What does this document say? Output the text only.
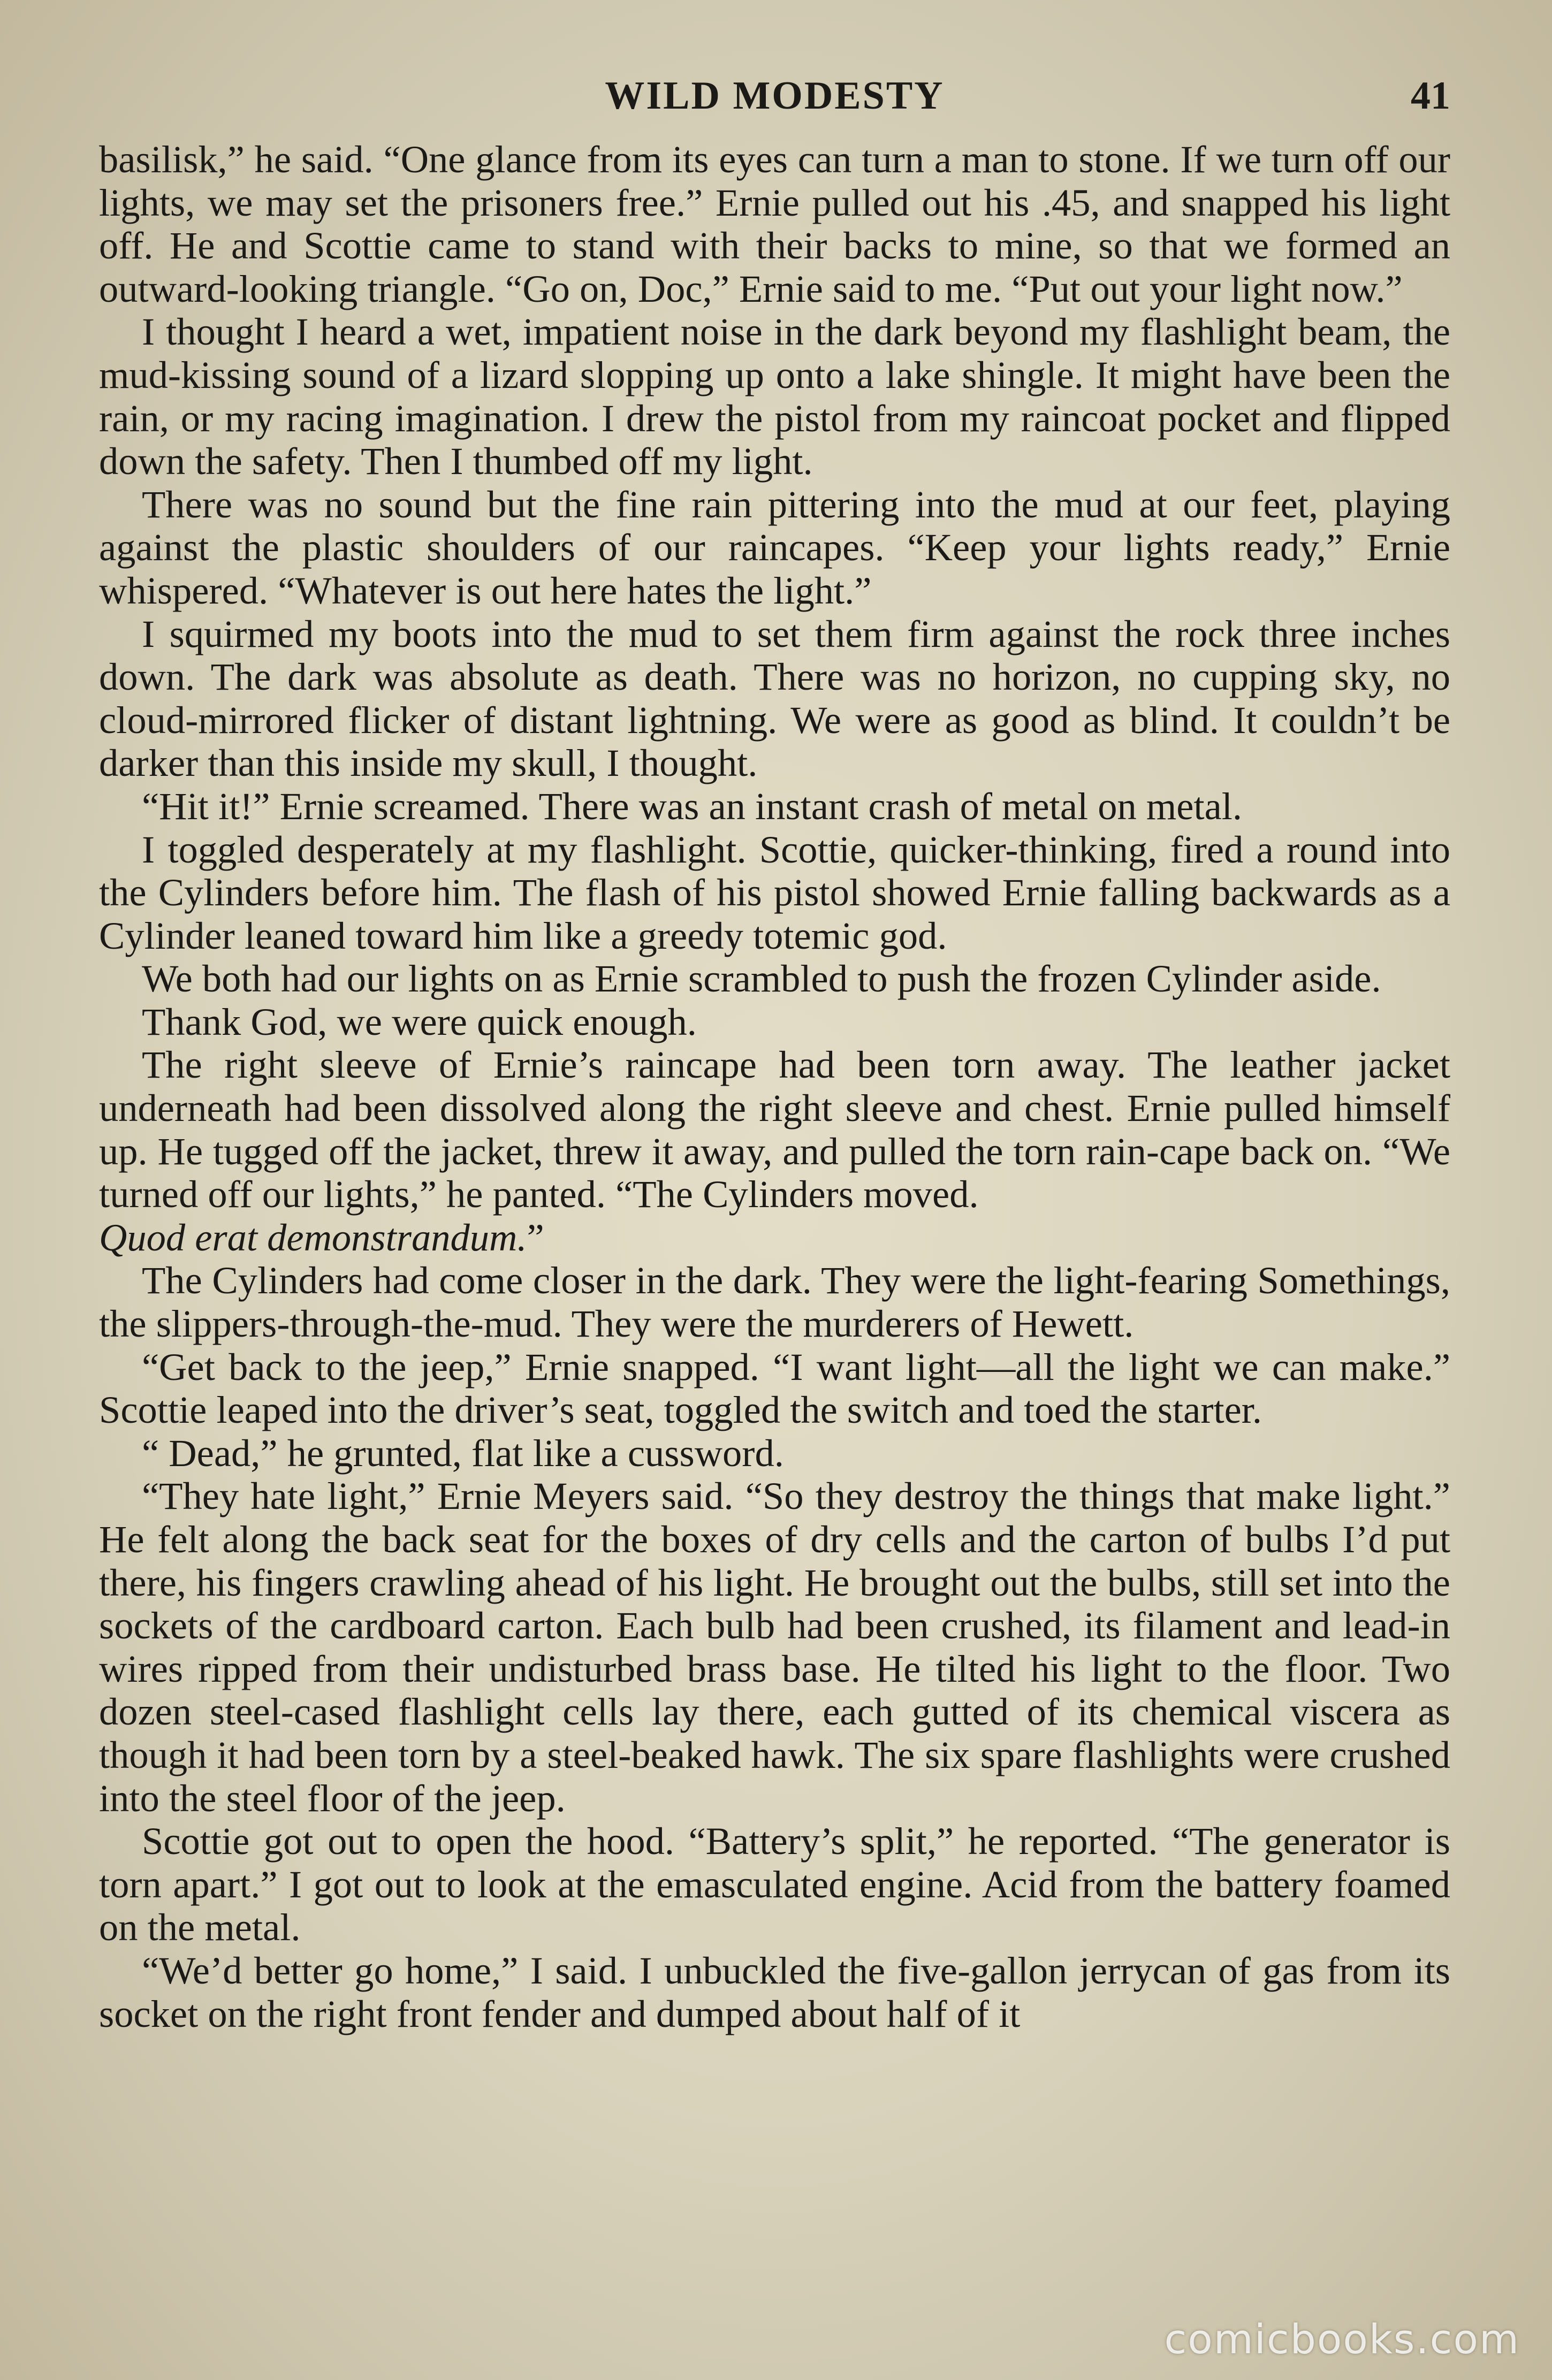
WILD MODESTY	41

basilisk,” he said. “One glance from its eyes can turn a man to stone. If we turn off our lights, we may set the prisoners free.” Ernie pulled out his .45, and snapped his light off. He and Scottie came to stand with their backs to mine, so that we formed an outward-looking triangle. “Go on, Doc,” Ernie said to me. “Put out your light now.”

I thought I heard a wet, impatient noise in the dark beyond my flashlight beam, the mud-kissing sound of a lizard slopping up onto a lake shingle. It might have been the rain, or my racing imagination. I drew the pistol from my raincoat pocket and flipped down the safety. Then I thumbed off my light.

There was no sound but the fine rain pittering into the mud at our feet, playing against the plastic shoulders of our raincapes. “Keep your lights ready,” Ernie whispered. “Whatever is out here hates the light.”

I squirmed my boots into the mud to set them firm against the rock three inches down. The dark was absolute as death. There was no horizon, no cupping sky, no cloud-mirrored flicker of distant lightning. We were as good as blind. It couldn’t be darker than this inside my skull, I thought.

“Hit it!” Ernie screamed. There was an instant crash of metal on metal.

I toggled desperately at my flashlight. Scottie, quicker-thinking, fired a round into the Cylinders before him. The flash of his pistol showed Ernie falling backwards as a Cylinder leaned toward him like a greedy totemic god.

We both had our lights on as Ernie scrambled to push the frozen Cylinder aside.

Thank God, we were quick enough.

The right sleeve of Ernie’s raincape had been torn away. The leather jacket underneath had been dissolved along the right sleeve and chest. Ernie pulled himself up. He tugged off the jacket, threw it away, and pulled the torn rain-cape back on. “We turned off our lights,” he panted. “The Cylinders moved.
Quod erat demonstrandum.”

The Cylinders had come closer in the dark. They were the light-fearing Somethings, the slippers-through-the-mud. They were the murderers of Hewett.

“Get back to the jeep,” Ernie snapped. “I want light—all the light we can make.” Scottie leaped into the driver’s seat, toggled the switch and toed the starter.

“ Dead,” he grunted, flat like a cussword.

“They hate light,” Ernie Meyers said. “So they destroy the things that make light.” He felt along the back seat for the boxes of dry cells and the carton of bulbs I’d put there, his fingers crawling ahead of his light. He brought out the bulbs, still set into the sockets of the cardboard carton. Each bulb had been crushed, its filament and lead-in wires ripped from their undisturbed brass base. He tilted his light to the floor. Two dozen steel-cased flashlight cells lay there, each gutted of its chemical viscera as though it had been torn by a steel-beaked hawk. The six spare flashlights were crushed into the steel floor of the jeep.

Scottie got out to open the hood. “Battery’s split,” he reported. “The generator is torn apart.” I got out to look at the emasculated engine. Acid from the battery foamed on the metal.

“We’d better go home,” I said. I unbuckled the five-gallon jerrycan of gas from its socket on the right front fender and dumped about half of it

comicbooks.com
